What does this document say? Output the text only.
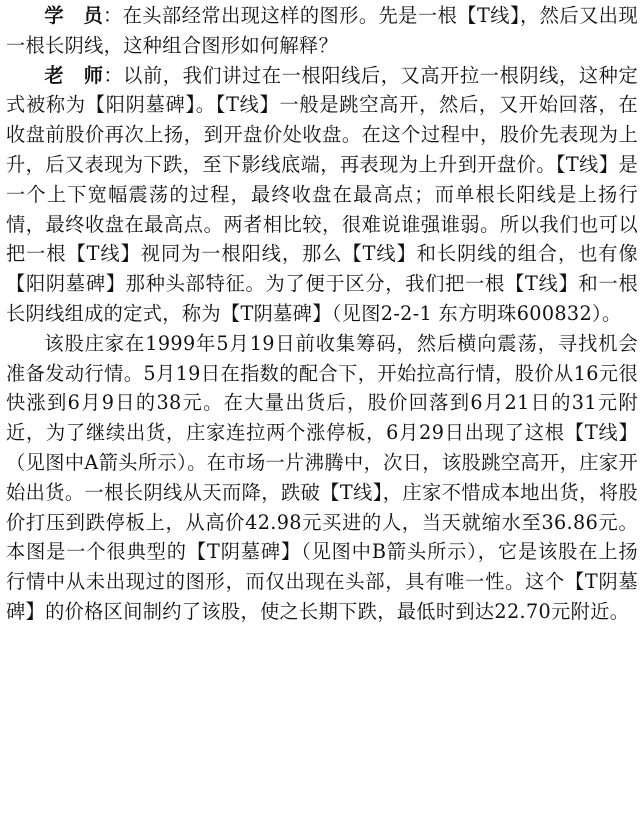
学　员：在头部经常出现这样的图形。先是一根【T线】，然后又出现一根长阴线，这种组合图形如何解释？

老　师：以前，我们讲过在一根阳线后，又高开拉一根阴线，这种定式被称为【阳阴墓碑】。【T线】一般是跳空高开，然后，又开始回落，在收盘前股价再次上扬，到开盘价处收盘。在这个过程中，股价先表现为上升，后又表现为下跌，至下影线底端，再表现为上升到开盘价。【T线】是一个上下宽幅震荡的过程，最终收盘在最高点；而单根长阳线是上扬行情，最终收盘在最高点。两者相比较，很难说谁强谁弱。所以我们也可以把一根【T线】视同为一根阳线，那么【T线】和长阴线的组合，也有像【阳阴墓碑】那种头部特征。为了便于区分，我们把一根【T线】和一根长阴线组成的定式，称为【T阴墓碑】（见图2-2-1 东方明珠600832）。

该股庄家在1999年5月19日前收集筹码，然后横向震荡，寻找机会准备发动行情。5月19日在指数的配合下，开始拉高行情，股价从16元很快涨到6月9日的38元。在大量出货后，股价回落到6月21日的31元附近，为了继续出货，庄家连拉两个涨停板，6月29日出现了这根【T线】（见图中A箭头所示）。在市场一片沸腾中，次日，该股跳空高开，庄家开始出货。一根长阴线从天而降，跌破【T线】，庄家不惜成本地出货，将股价打压到跌停板上，从高价42.98元买进的人，当天就缩水至36.86元。本图是一个很典型的【T阴墓碑】（见图中B箭头所示），它是该股在上扬行情中从未出现过的图形，而仅出现在头部，具有唯一性。这个【T阴墓碑】的价格区间制约了该股，使之长期下跌，最低时到达22.70元附近。
